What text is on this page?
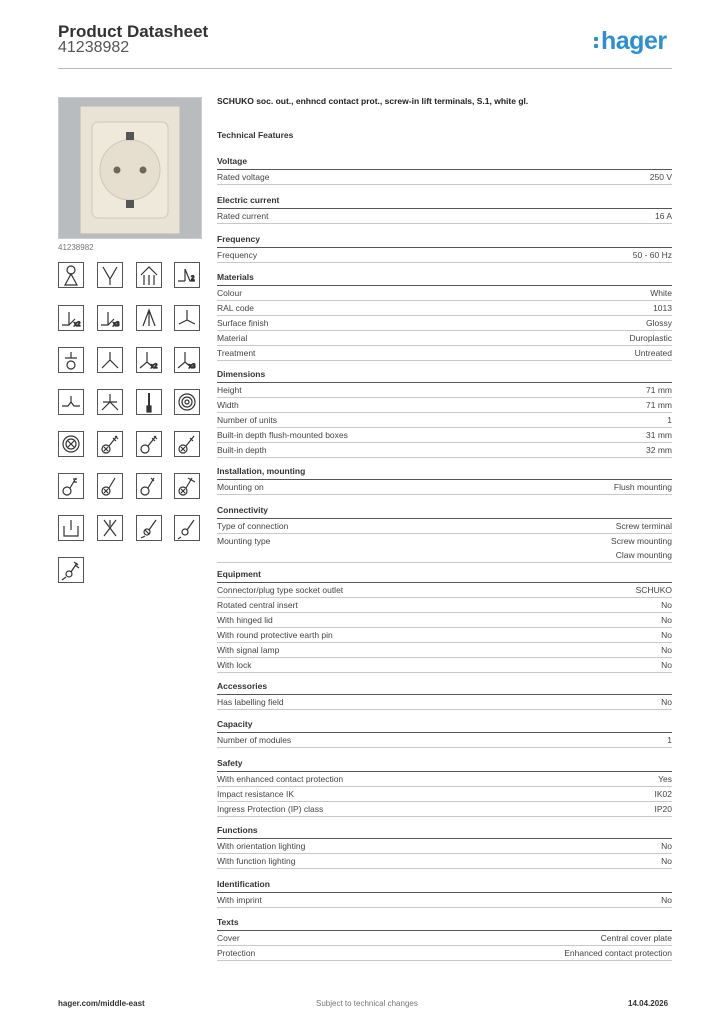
Product Datasheet
41238982	hager
41238982
2
x2	x3
x2	x3
SCHUKO soc. out., enhncd contact prot., screw-in lift terminals, S.1, white gl.
Technical Features
Voltage
Rated voltage	250 V
Electric current
Rated current	16 A
Frequency
Frequency	50 - 60 Hz
Materials
Colour	White
RAL code	1013
Surface finish	Glossy
Material	Duroplastic
Treatment	Untreated
Dimensions
Height	71 mm
Width	71 mm
Number of units	1
Built-in depth flush-mounted boxes	31 mm
Built-in depth	32 mm
Installation, mounting
Mounting on	Flush mounting
Connectivity
Type of connection	Screw terminal
Mounting type	Screw mounting
Claw mounting
Equipment
Connector/plug type socket outlet	SCHUKO
Rotated central insert	No
With hinged lid	No
With round protective earth pin	No
With signal lamp	No
With lock	No
Accessories
Has labelling field	No
Capacity
Number of modules	1
Safety
With enhanced contact protection	Yes
Impact resistance IK	IK02
Ingress Protection (IP) class	IP20
Functions
With orientation lighting	No
With function lighting	No
Identification
With imprint	No
Texts
Cover	Central cover plate
Protection	Enhanced contact protection
hager.com/middle-east	Subject to technical changes	14.04.2026
